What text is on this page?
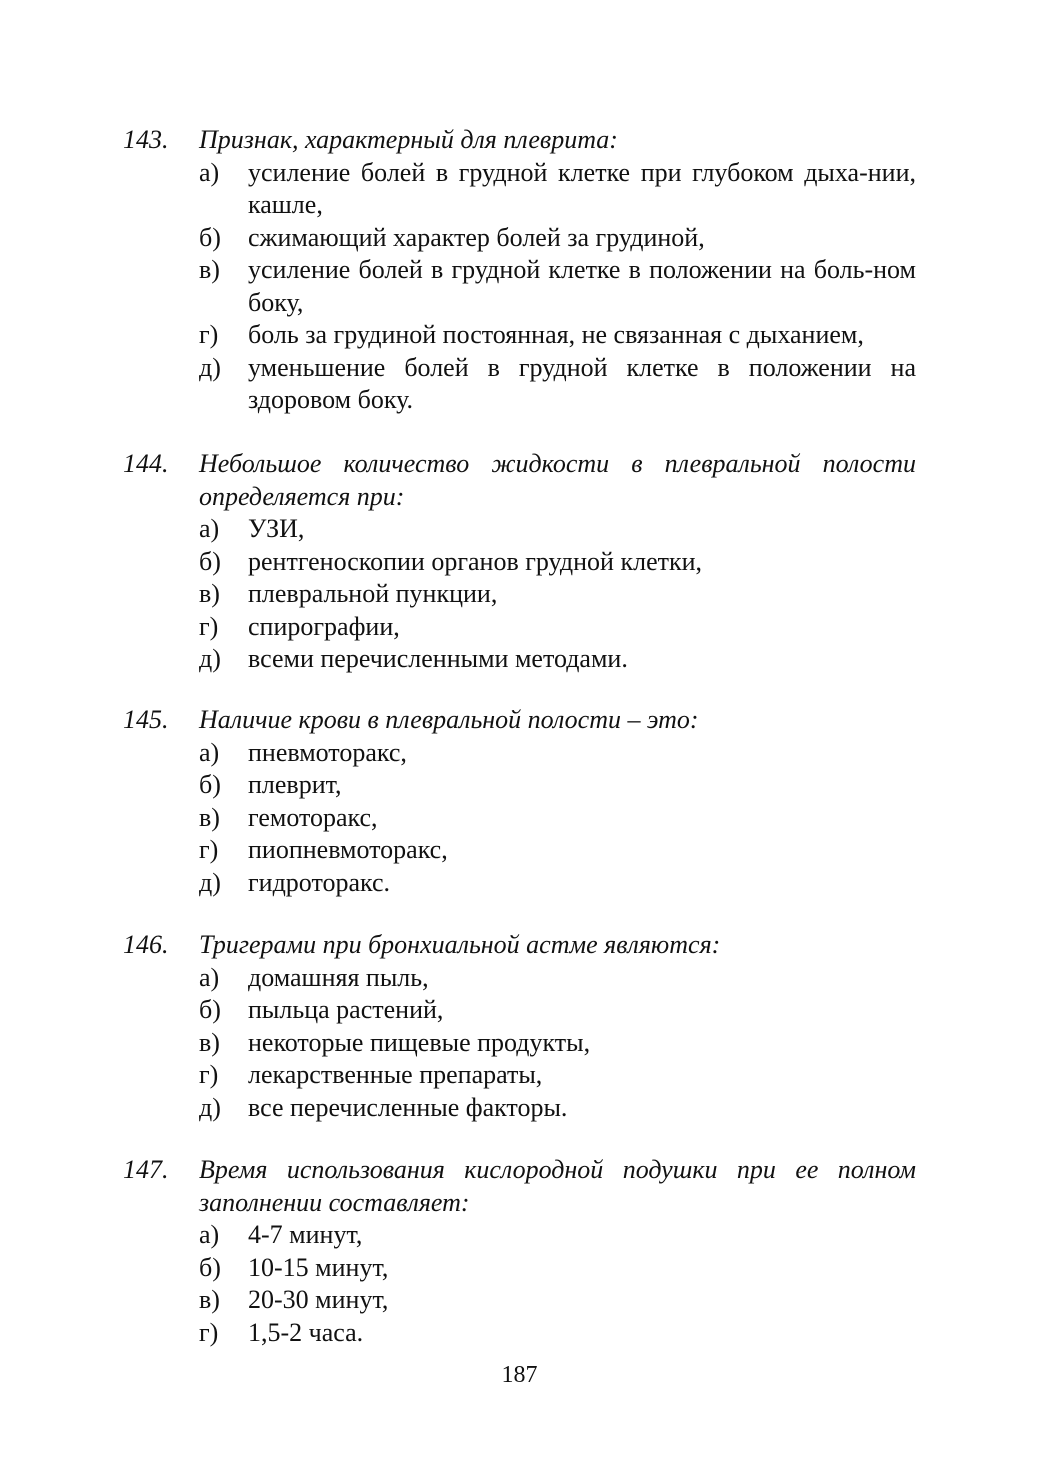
143.	Признак, характерный для плеврита:
а)	усиление болей в грудной клетке при глубоком дыха-нии, кашле,
б)	сжимающий характер болей за грудиной,
в)	усиление болей в грудной клетке в положении на боль-ном боку,
г)	боль за грудиной постоянная, не связанная с дыханием,
д)	уменьшение болей в грудной клетке в положении на здоровом боку.
144.	Небольшое количество жидкости в плевральной полости определяется при:
а)	УЗИ,
б)	рентгеноскопии органов грудной клетки,
в)	плевральной пункции,
г)	спирографии,
д)	всеми перечисленными методами.
145.	Наличие крови в плевральной полости – это:
а)	пневмоторакс,
б)	плеврит,
в)	гемоторакс,
г)	пиопневмоторакс,
д)	гидроторакс.
146.	Тригерами при бронхиальной астме являются:
а)	домашняя пыль,
б)	пыльца растений,
в)	некоторые пищевые продукты,
г)	лекарственные препараты,
д)	все перечисленные факторы.
147.	Время использования кислородной подушки при ее полном заполнении составляет:
а)	4-7 минут,
б)	10-15 минут,
в)	20-30 минут,
г)	1,5-2 часа.
187
